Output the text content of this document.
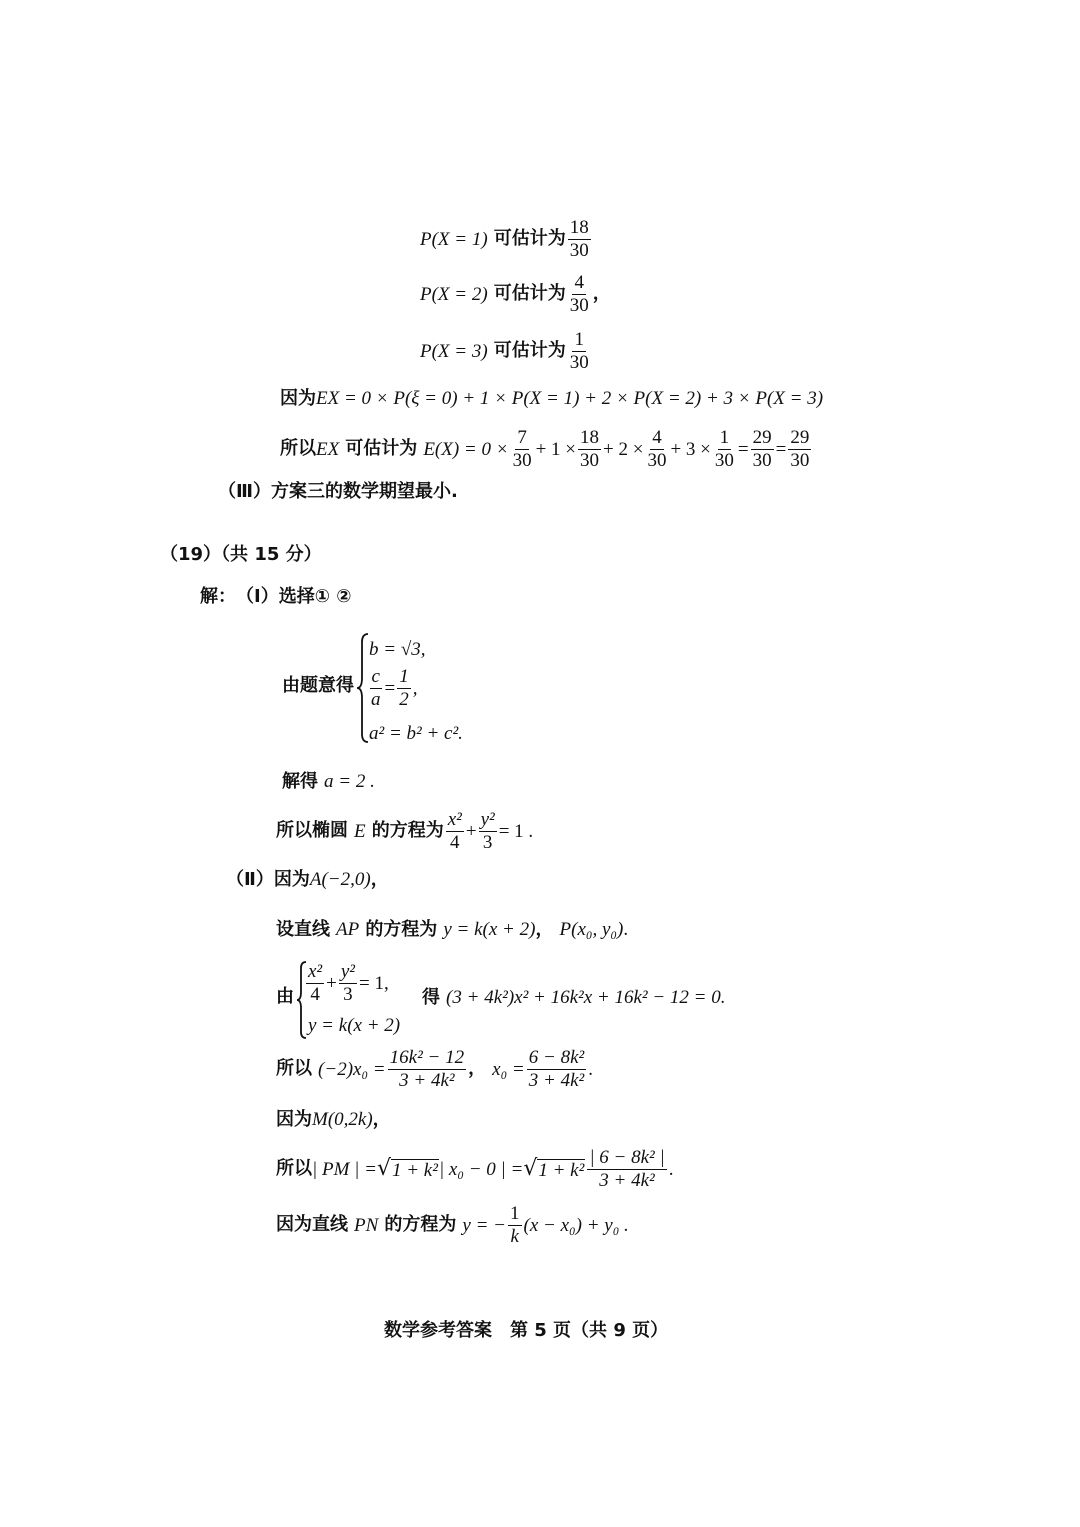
P(X = 1)
可估计为 $\frac{18}{30}$
P(X = 2)
可估计为 $\frac{4}{30}$ ，
P(X = 3)
可估计为 $\frac{1}{30}$
因为 EX = 0 × P(ξ = 0) + 1 × P(X = 1) + 2 × P(X = 2) + 3 × P(X = 3)
所以 EX
可估计为
$E(X) = 0 \times \frac{7}{30} + 1 \times \frac{18}{30} + 2 \times \frac{4}{30} + 3 \times \frac{1}{30} = \frac{29}{30} = \frac{29}{30}$
（Ⅲ）方案三的数学期望最小.
（19）（共 15 分）
解： （Ⅰ）选择① ②
由题意得
b = √3,
$\frac{c}{a} = \frac{1}{2}$ ,
a² = b² + c².
解得
a = 2 .
所以椭圆
E
的方程为 $\frac{\text{x²}}{4} + \frac{\text{y²}}{3} = 1$ .
（Ⅱ）因为 A(−2,0) ，
设直线
AP
的方程为
y = k(x + 2) ，
P(x₀, y₀) .
由 $\frac{\text{x²}}{4} + \frac{\text{y²}}{3} = 1$,
y = k(x + 2)
得
(3 + 4k²)x² + 16k²x + 16k² − 12 = 0.
所以
$(-2)x_0 = \frac{\text{16k² − 12}}{\text{3 + 4k²}}$ ，
$x_0 = \frac{\text{6 − 8k²}}{\text{3 + 4k²}}$ .
因为 M(0,2k) ，
所以 | PM | = √ 1 + k² | x₀ − 0 | = √ $1 + k^2 \frac{\text{| 6 − 8k² |}}{\text{3 + 4k²}}$ .
因为直线
PN
的方程为
y = − $\frac{1}{k} (x - x_0) + y_0$ .
数学参考答案　第 5 页（共 9 页）
